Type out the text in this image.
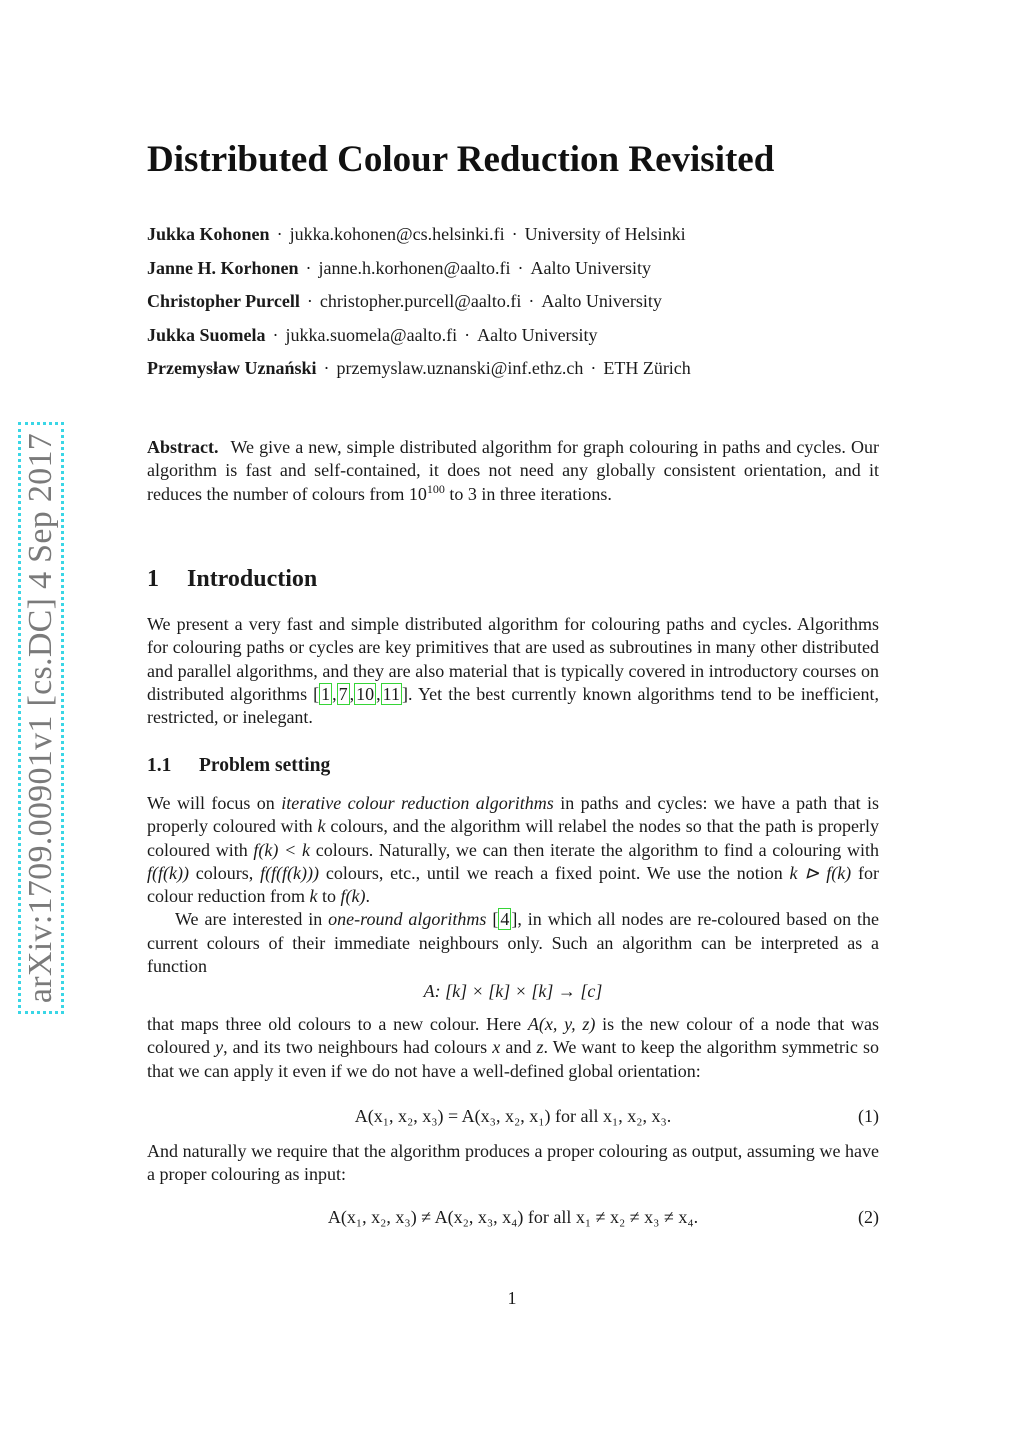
arXiv:1709.00901v1 [cs.DC] 4 Sep 2017
Distributed Colour Reduction Revisited
Jukka Kohonen · jukka.kohonen@cs.helsinki.fi · University of Helsinki
Janne H. Korhonen · janne.h.korhonen@aalto.fi · Aalto University
Christopher Purcell · christopher.purcell@aalto.fi · Aalto University
Jukka Suomela · jukka.suomela@aalto.fi · Aalto University
Przemysław Uznański · przemyslaw.uznanski@inf.ethz.ch · ETH Zürich
Abstract. We give a new, simple distributed algorithm for graph colouring in paths and cycles. Our algorithm is fast and self-contained, it does not need any globally consistent orientation, and it reduces the number of colours from $10^{100}$ to 3 in three iterations.
1 Introduction
We present a very fast and simple distributed algorithm for colouring paths and cycles. Algorithms for colouring paths or cycles are key primitives that are used as subroutines in many other distributed and parallel algorithms, and they are also material that is typically covered in introductory courses on distributed algorithms [ 1 , 7 , 10 , 11 ]. Yet the best currently known algorithms tend to be inefficient, restricted, or inelegant.
1.1 Problem setting
We will focus on iterative colour reduction algorithms in paths and cycles: we have a path that is properly coloured with k colours, and the algorithm will relabel the nodes so that the path is properly coloured with f(k) < k colours. Naturally, we can then iterate the algorithm to find a colouring with f(f(k)) colours, f(f(f(k))) colours, etc., until we reach a fixed point. We use the notion k ⊳ f(k) for colour reduction from k to f(k).
We are interested in one-round algorithms [ 4 ], in which all nodes are re-coloured based on the current colours of their immediate neighbours only. Such an algorithm can be interpreted as a function
A: [k] × [k] × [k] → [c]
that maps three old colours to a new colour. Here A(x, y, z) is the new colour of a node that was coloured y, and its two neighbours had colours x and z. We want to keep the algorithm symmetric so that we can apply it even if we do not have a well-defined global orientation:
A(x₁, x₂, x₃) = A(x₃, x₂, x₁) for all x₁, x₂, x₃.	(1)
And naturally we require that the algorithm produces a proper colouring as output, assuming we have a proper colouring as input:
A(x₁, x₂, x₃) ≠ A(x₂, x₃, x₄) for all x₁ ≠ x₂ ≠ x₃ ≠ x₄.	(2)
1
